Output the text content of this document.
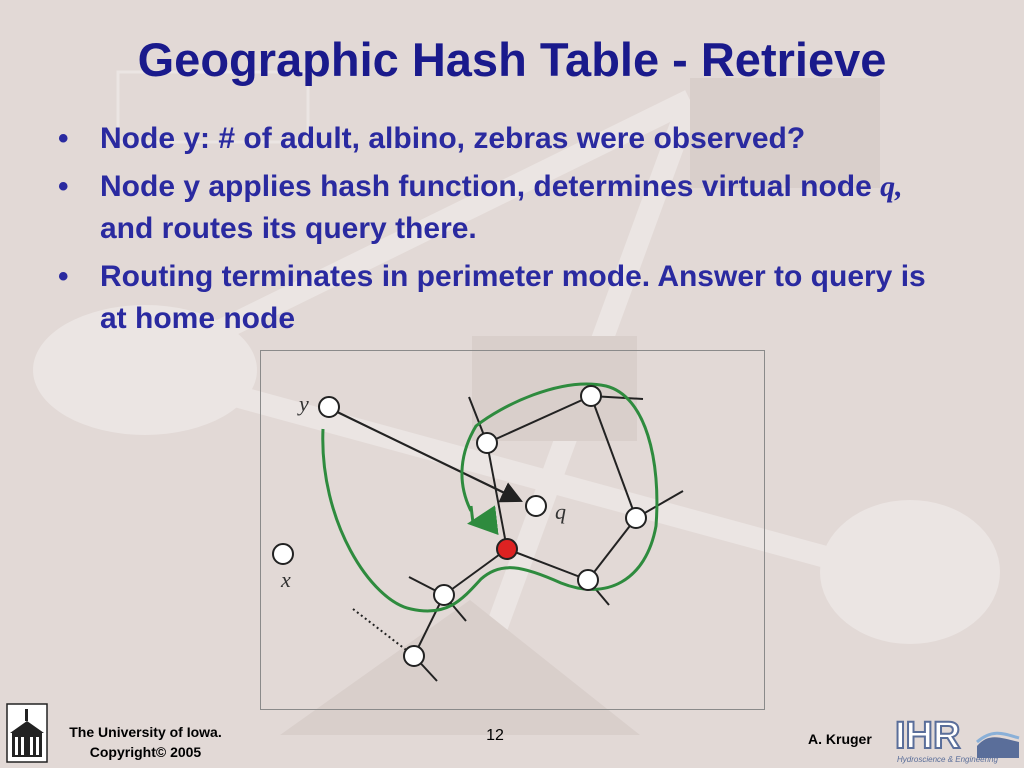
Geographic Hash Table - Retrieve
• Node y: # of adult, albino, zebras were observed?
• Node y applies hash function, determines virtual node q, and routes its query there.
• Routing terminates in perimeter mode. Answer to query is at home node
y
q
x
The University of Iowa.
Copyright© 2005
12	A. Kruger IHR
Hydroscience & Engineering
